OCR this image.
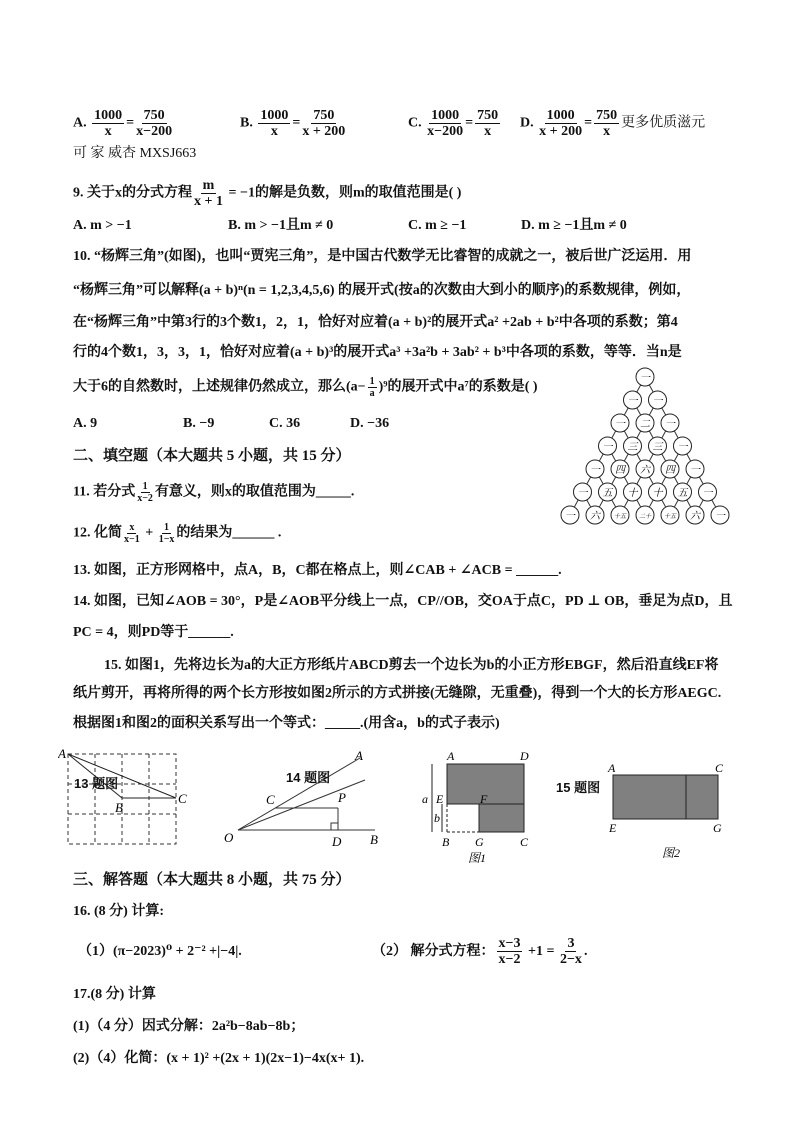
A. $\frac{1000}{x} = \frac{750}{x-200}$	B. $\frac{1000}{x} = \frac{750}{x + 200}$	C. $\frac{1000}{x-200} = \frac{750}{x} D$. $\frac{1000}{x + 200} = \frac{750}{x}$ 更多优质滋元
可 家 威杏 MXSJ663
9. 关于x的分式方程 $\frac{m}{x + 1} = -1$的解是负数，则m的取值范围是( )
A. m > −1	B. m > −1且m ≠ 0	C. m ≥ −1	D. m ≥ −1且m ≠ 0
10. “杨辉三角”(如图)，也叫“贾宪三角”，是中国古代数学无比睿智的成就之一，被后世广泛运用．用
“杨辉三角”可以解释(a + b)ⁿ(n = 1,2,3,4,5,6) 的展开式(按a的次数由大到小的顺序)的系数规律，例如，
在“杨辉三角”中第3行的3个数1，2，1，恰好对应着(a + b)²的展开式a² +2ab + b²中各项的系数；第4
行的4个数1，3，3，1，恰好对应着(a + b)³的展开式a³ +3a²b + 3ab² + b³中各项的系数，等等．当n是
大于6的自然数时，上述规律仍然成立，那么$(a- \frac{1}{a} )^9$的展开式中a⁷的系数是( )
A. 9	B. −9	C. 36	D. −36
一
一 一
一 二 一
一 三 三 一
一 四 六 四 一
一 五 十 十 五 一
一 六 十五 二十 十五 六 一
二、填空题（本大题共 5 小题，共 15 分）
11. 若分式 $\frac{1}{x-2}$ 有意义，则x的取值范围为_____.
12. 化简 $\frac{x}{x-1} + \frac{1}{1-x}$ 的结果为______ .
13. 如图，正方形网格中，点A，B，C都在格点上，则∠CAB + ∠ACB = ______.
14. 如图，已知∠AOB = 30°，P是∠AOB平分线上一点，CP//OB，交OA于点C，PD ⊥ OB，垂足为点D，且
PC = 4，则PD等于______.
15. 如图1，先将边长为a的大正方形纸片ABCD剪去一个边长为b的小正方形EBGF，然后沿直线EF将
纸片剪开，再将所得的两个长方形按如图2所示的方式拼接(无缝隙，无重叠)，得到一个大的长方形AEGC.
根据图1和图2的面积关系写出一个等式：_____.(用含a，b的式子表示)
A
B
C
13 题图
A
B
C
D
O
P
14 题图
A	D
E	F
B G	C
a
b
图1
15 题图
A	C
E	G
图2
三、解答题（本大题共 8 小题，共 75 分）
16. (8 分) 计算:
（1）(π−2023)⁰ + 2⁻² +|−4|.	（2） 解分式方程： $\frac{x-3}{x-2} +1 = \frac{3}{2-x}$ .
17.(8 分) 计算
(1)（4 分）因式分解：2a²b−8ab−8b；
(2)（4）化简：(x + 1)² +(2x + 1)(2x−1)−4x(x+ 1).
